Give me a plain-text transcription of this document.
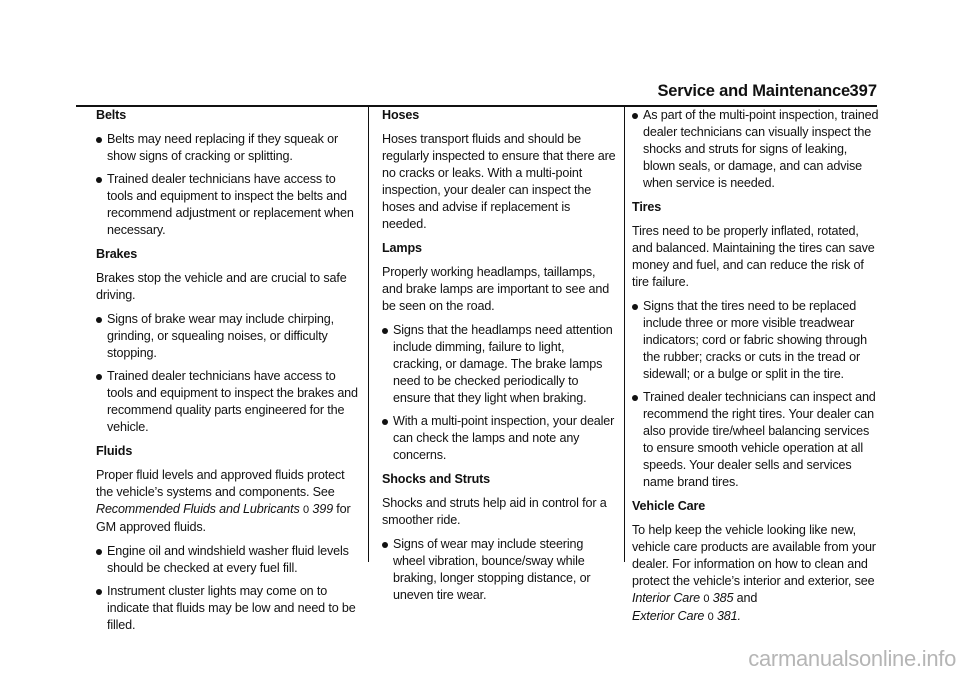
Service and Maintenance 397
Belts
Belts may need replacing if they squeak or show signs of cracking or splitting.
Trained dealer technicians have access to tools and equipment to inspect the belts and recommend adjustment or replacement when necessary.
Brakes

Brakes stop the vehicle and are crucial to safe driving.

Signs of brake wear may include chirping, grinding, or squealing noises, or difficulty stopping.
Trained dealer technicians have access to tools and equipment to inspect the brakes and recommend quality parts engineered for the vehicle.
Fluids

Proper fluid levels and approved fluids protect the vehicle’s systems and components. See Recommended Fluids and Lubricants 0 399 for GM approved fluids.

Engine oil and windshield washer fluid levels should be checked at every fuel fill.
Instrument cluster lights may come on to indicate that fluids may be low and need to be filled.
Hoses

Hoses transport fluids and should be regularly inspected to ensure that there are no cracks or leaks. With a multi-point inspection, your dealer can inspect the hoses and advise if replacement is needed.

Lamps

Properly working headlamps, taillamps, and brake lamps are important to see and be seen on the road.

Signs that the headlamps need attention include dimming, failure to light, cracking, or damage. The brake lamps need to be checked periodically to ensure that they light when braking.
With a multi-point inspection, your dealer can check the lamps and note any concerns.
Shocks and Struts

Shocks and struts help aid in control for a smoother ride.

Signs of wear may include steering wheel vibration, bounce/sway while braking, longer stopping distance, or uneven tire wear.
As part of the multi-point inspection, trained dealer technicians can visually inspect the shocks and struts for signs of leaking, blown seals, or damage, and can advise when service is needed.
Tires

Tires need to be properly inflated, rotated, and balanced. Maintaining the tires can save money and fuel, and can reduce the risk of tire failure.

Signs that the tires need to be replaced include three or more visible treadwear indicators; cord or fabric showing through the rubber; cracks or cuts in the tread or sidewall; or a bulge or split in the tire.
Trained dealer technicians can inspect and recommend the right tires. Your dealer can also provide tire/wheel balancing services to ensure smooth vehicle operation at all speeds. Your dealer sells and services name brand tires.
Vehicle Care

To help keep the vehicle looking like new, vehicle care products are available from your dealer. For information on how to clean and protect the vehicle’s interior and exterior, see Interior Care 0 385 and
Exterior Care 0 381.

carmanualsonline.info
